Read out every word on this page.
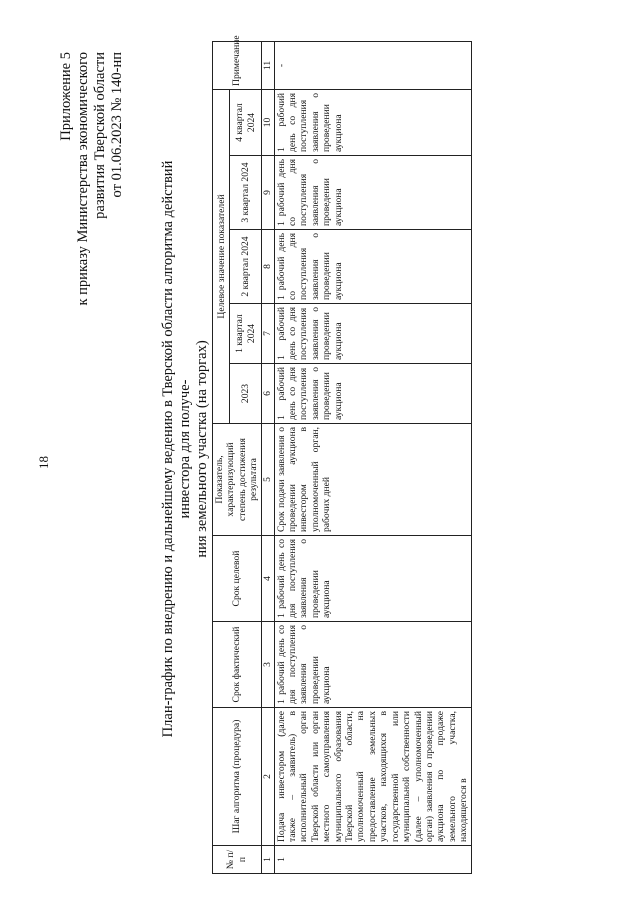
18
Приложение 5 к приказу Министерства экономического развития Тверской области от 01.06.2023 № 140-нп
План-график по внедрению и дальнейшему ведению в Тверской области алгоритма действий инвестора для получе- ния земельного участка (на торгах)
№ п/п	Шаг алгоритма (процедура)	Срок фактический	Срок целевой	Показатель, характеризующий степень достижения результата	Целевое значение показателей					Примечание
					2023	1 квартал 2024	2 квартал 2024	3 квартал 2024	4 квартал 2024	
1	2	3	4	5	6	7	8	9	10	11
1	Подача инвестором (далее также – заявитель) в исполнительный орган Тверской области или орган местного самоуправления муниципального образования Тверской области, уполномоченный на предоставление земельных участков, находящихся в государственной или муниципальной собственности (далее – уполномоченный орган) заявления о проведении аукциона по продаже земельного участка, находящегося в	1 рабочий день со дня поступления заявления о проведении аукциона	1 рабочий день со дня поступления заявления о проведении аукциона	Срок подачи заявления о проведении аукциона инвестором в уполномоченный орган, рабочих дней	1 рабочий день со дня поступления заявления о проведении аукциона	1 рабочий день со дня поступления заявления о проведении аукциона	1 рабочий день со дня поступления заявления о проведении аукциона	1 рабочий день со дня поступления заявления о проведении аукциона	1 рабочий день со дня поступления заявления о проведении аукциона	-
